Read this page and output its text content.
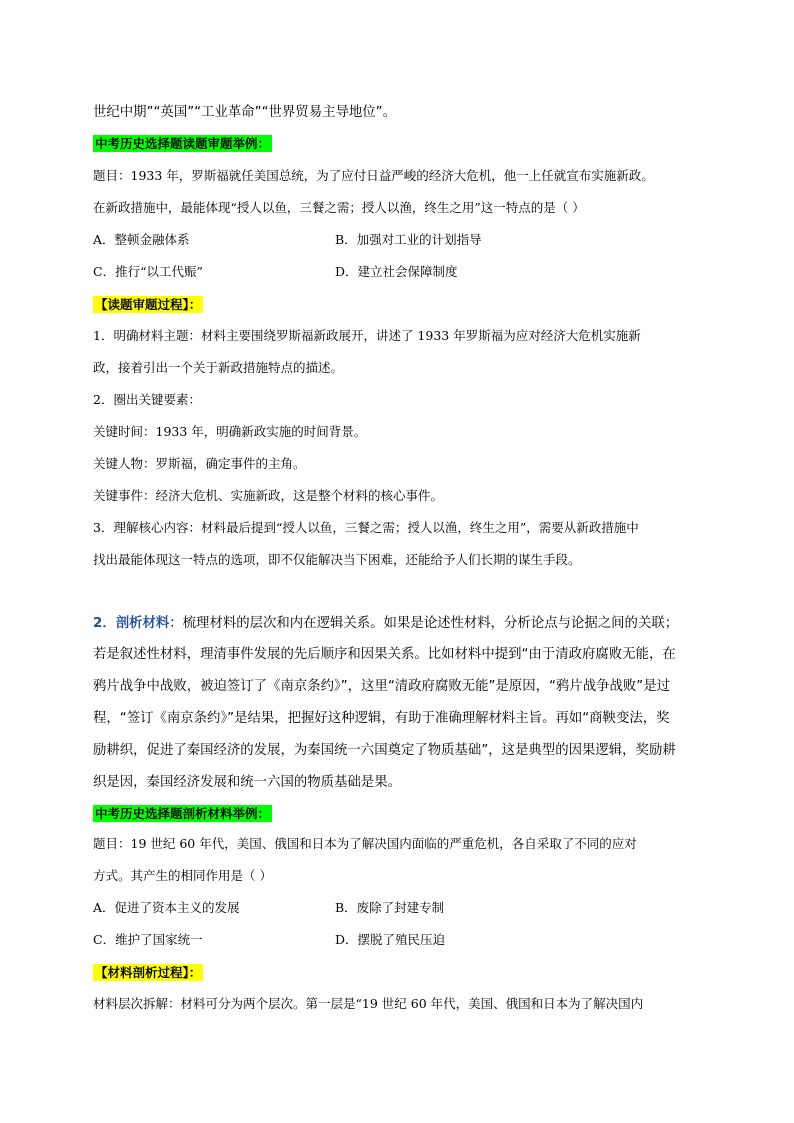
世纪中期”“英国”“工业革命”“世界贸易主导地位”。
中考历史选择题读题审题举例：
题目：1933 年，罗斯福就任美国总统，为了应付日益严峻的经济大危机，他一上任就宣布实施新政。
在新政措施中，最能体现“授人以鱼，三餐之需；授人以渔，终生之用”这一特点的是（ ）
A．整顿金融体系	B．加强对工业的计划指导
C．推行“以工代赈”	D．建立社会保障制度
【读题审题过程】：
1．明确材料主题：材料主要围绕罗斯福新政展开，讲述了 1933 年罗斯福为应对经济大危机实施新
政，接着引出一个关于新政措施特点的描述。
2．圈出关键要素：
关键时间：1933 年，明确新政实施的时间背景。
关键人物：罗斯福，确定事件的主角。
关键事件：经济大危机、实施新政，这是整个材料的核心事件。
3．理解核心内容：材料最后提到“授人以鱼，三餐之需；授人以渔，终生之用”，需要从新政措施中
找出最能体现这一特点的选项，即不仅能解决当下困难，还能给予人们长期的谋生手段。
2．剖析材料：梳理材料的层次和内在逻辑关系。如果是论述性材料，分析论点与论据之间的关联；
若是叙述性材料，理清事件发展的先后顺序和因果关系。比如材料中提到“由于清政府腐败无能，在
鸦片战争中战败，被迫签订了《南京条约》”，这里“清政府腐败无能”是原因，“鸦片战争战败”是过
程，“签订《南京条约》”是结果，把握好这种逻辑，有助于准确理解材料主旨。再如“商鞅变法，奖
励耕织，促进了秦国经济的发展，为秦国统一六国奠定了物质基础”，这是典型的因果逻辑，奖励耕
织是因，秦国经济发展和统一六国的物质基础是果。
中考历史选择题剖析材料举例：
题目：19 世纪 60 年代，美国、俄国和日本为了解决国内面临的严重危机，各自采取了不同的应对
方式。其产生的相同作用是（ ）
A．促进了资本主义的发展	B．废除了封建专制
C．维护了国家统一	D．摆脱了殖民压迫
【材料剖析过程】：
材料层次拆解：材料可分为两个层次。第一层是“19 世纪 60 年代，美国、俄国和日本为了解决国内
